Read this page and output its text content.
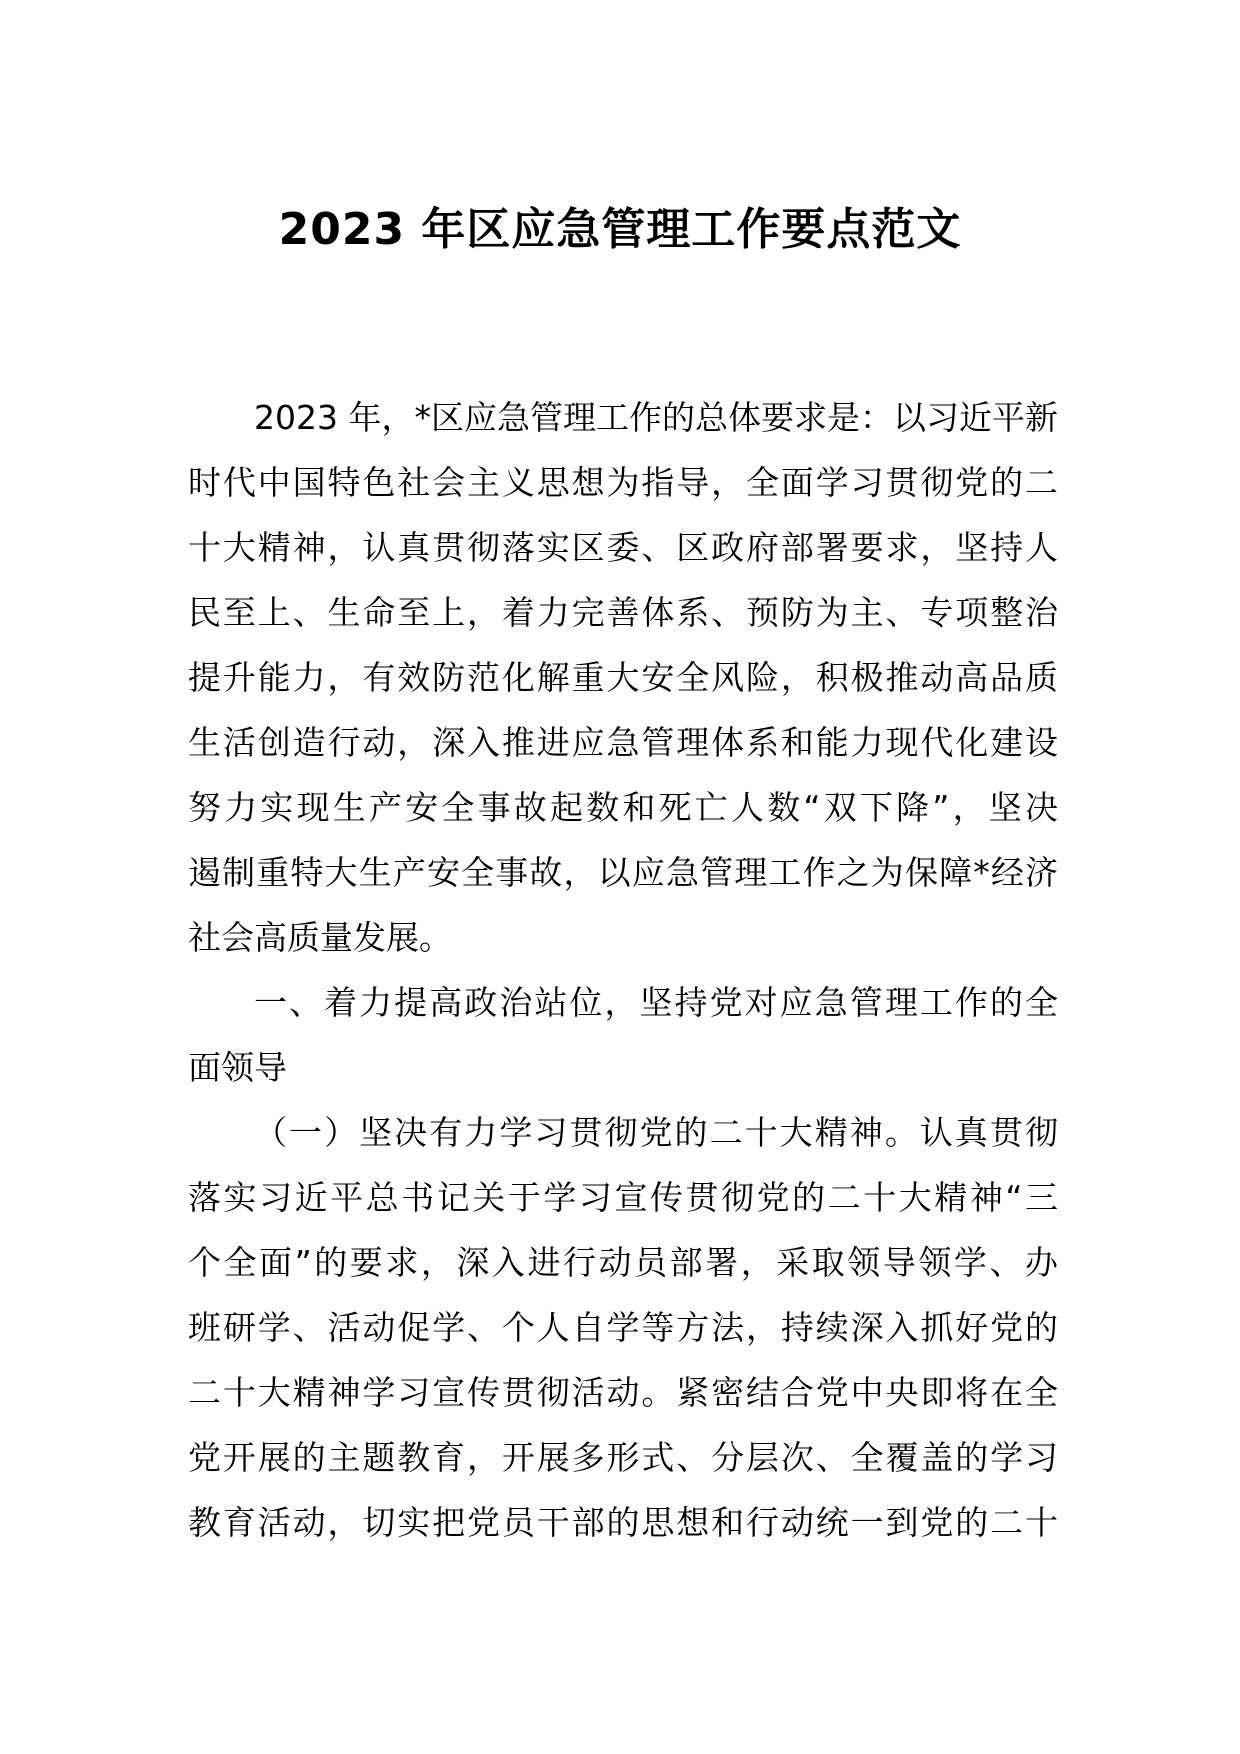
2023 年区应急管理工作要点范文
2023 年，*区应急管理工作的总体要求是：以习近平新
时代中国特色社会主义思想为指导，全面学习贯彻党的二
十大精神，认真贯彻落实区委、区政府部署要求，坚持人
民至上、生命至上，着力完善体系、预防为主、专项整治
提升能力，有效防范化解重大安全风险，积极推动高品质
生活创造行动，深入推进应急管理体系和能力现代化建设
努力实现生产安全事故起数和死亡人数“双下降”，坚决
遏制重特大生产安全事故，以应急管理工作之为保障*经济
社会高质量发展。
一、着力提高政治站位，坚持党对应急管理工作的全
面领导
（一）坚决有力学习贯彻党的二十大精神。认真贯彻
落实习近平总书记关于学习宣传贯彻党的二十大精神“三
个全面”的要求，深入进行动员部署，采取领导领学、办
班研学、活动促学、个人自学等方法，持续深入抓好党的
二十大精神学习宣传贯彻活动。紧密结合党中央即将在全
党开展的主题教育，开展多形式、分层次、全覆盖的学习
教育活动，切实把党员干部的思想和行动统一到党的二十
